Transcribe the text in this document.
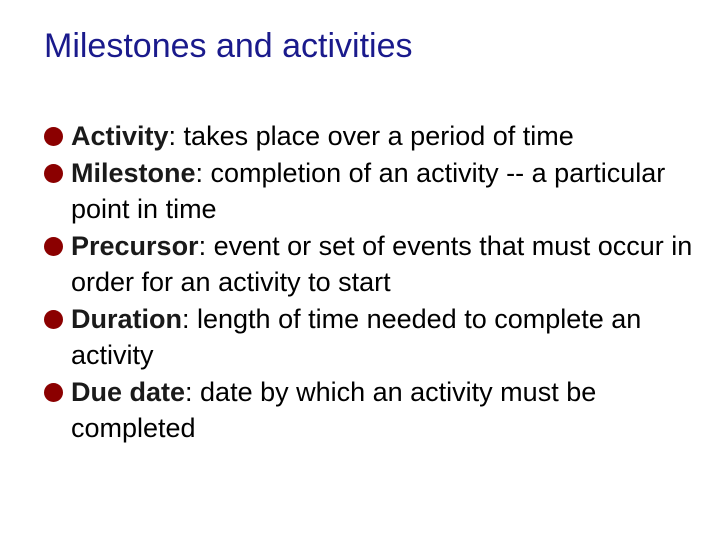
Milestones and activities
Activity: takes place over a period of time
Milestone: completion of an activity -- a particular point in time
Precursor: event or set of events that must occur in order for an activity to start
Duration: length of time needed to complete an activity
Due date: date by which an activity must be completed
